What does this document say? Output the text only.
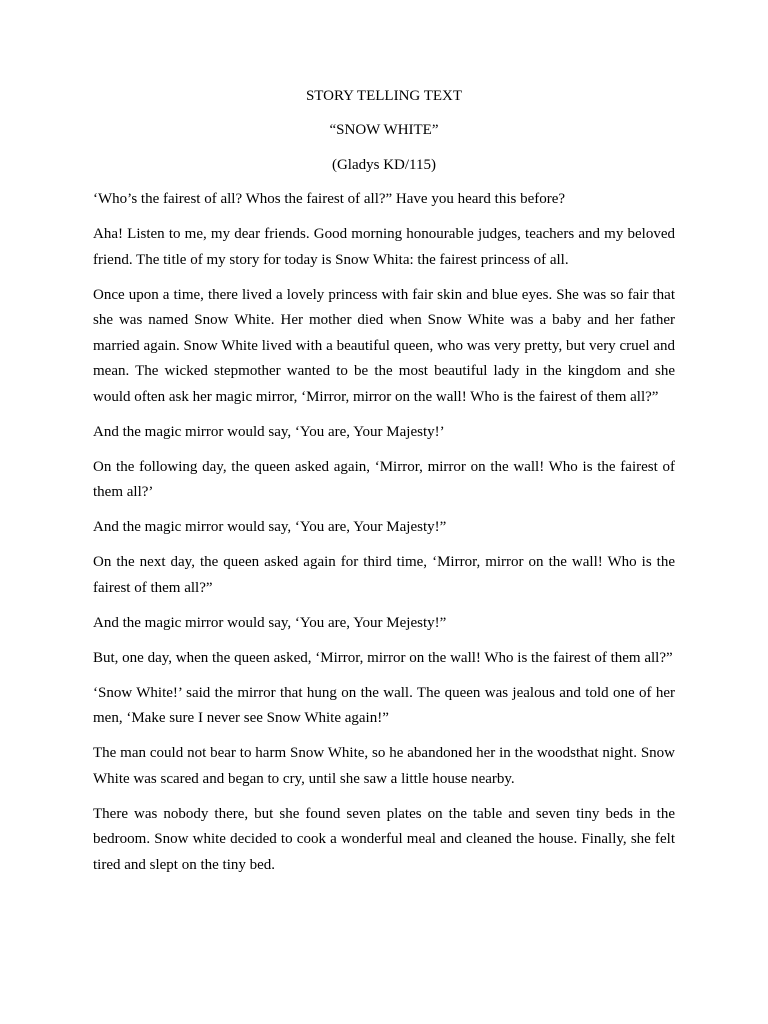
STORY TELLING TEXT
“SNOW WHITE”
(Gladys KD/115)

‘Who’s the fairest of all? Whos the fairest of all?” Have you heard this before?

Aha! Listen to me, my dear friends. Good morning honourable judges, teachers and my beloved friend. The title of my story for today is Snow Whita: the fairest princess of all.

Once upon a time, there lived a lovely princess with fair skin and blue eyes. She was so fair that she was named Snow White. Her mother died when Snow White was a baby and her father married again. Snow White lived with a beautiful queen, who was very pretty, but very cruel and mean. The wicked stepmother wanted to be the most beautiful lady in the kingdom and she would often ask her magic mirror, ‘Mirror, mirror on the wall! Who is the fairest of them all?”

And the magic mirror would say, ‘You are, Your Majesty!’

On the following day, the queen asked again, ‘Mirror, mirror on the wall! Who is the fairest of them all?’

And the magic mirror would say, ‘You are, Your Majesty!”

On the next day, the queen asked again for third time, ‘Mirror, mirror on the wall! Who is the fairest of them all?”

And the magic mirror would say, ‘You are, Your Mejesty!”

But, one day, when the queen asked, ‘Mirror, mirror on the wall! Who is the fairest of them all?”

‘Snow White!’ said the mirror that hung on the wall. The queen was jealous and told one of her men, ‘Make sure I never see Snow White again!”

The man could not bear to harm Snow White, so he abandoned her in the woodsthat night. Snow White was scared and began to cry, until she saw a little house nearby.

There was nobody there, but she found seven plates on the table and seven tiny beds in the bedroom. Snow white decided to cook a wonderful meal and cleaned the house. Finally, she felt tired and slept on the tiny bed.
